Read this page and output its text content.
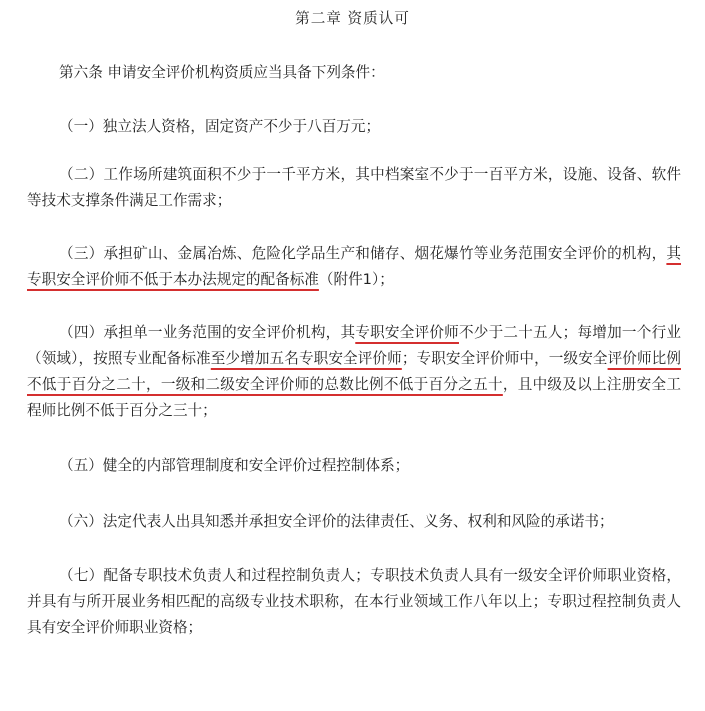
第二章 资质认可
第六条 申请安全评价机构资质应当具备下列条件：
（一）独立法人资格，固定资产不少于八百万元；
（二）工作场所建筑面积不少于一千平方米，其中档案室不少于一百平方米，设施、设备、软件等技术支撑条件满足工作需求；
（三）承担矿山、金属冶炼、危险化学品生产和储存、烟花爆竹等业务范围安全评价的机构，其专职安全评价师不低于本办法规定的配备标准（附件1）；
（四）承担单一业务范围的安全评价机构，其专职安全评价师不少于二十五人；每增加一个行业（领域），按照专业配备标准至少增加五名专职安全评价师；专职安全评价师中，一级安全评价师比例不低于百分之二十，一级和二级安全评价师的总数比例不低于百分之五十，且中级及以上注册安全工程师比例不低于百分之三十；
（五）健全的内部管理制度和安全评价过程控制体系；
（六）法定代表人出具知悉并承担安全评价的法律责任、义务、权利和风险的承诺书；
（七）配备专职技术负责人和过程控制负责人；专职技术负责人具有一级安全评价师职业资格，并具有与所开展业务相匹配的高级专业技术职称，在本行业领域工作八年以上；专职过程控制负责人具有安全评价师职业资格；
